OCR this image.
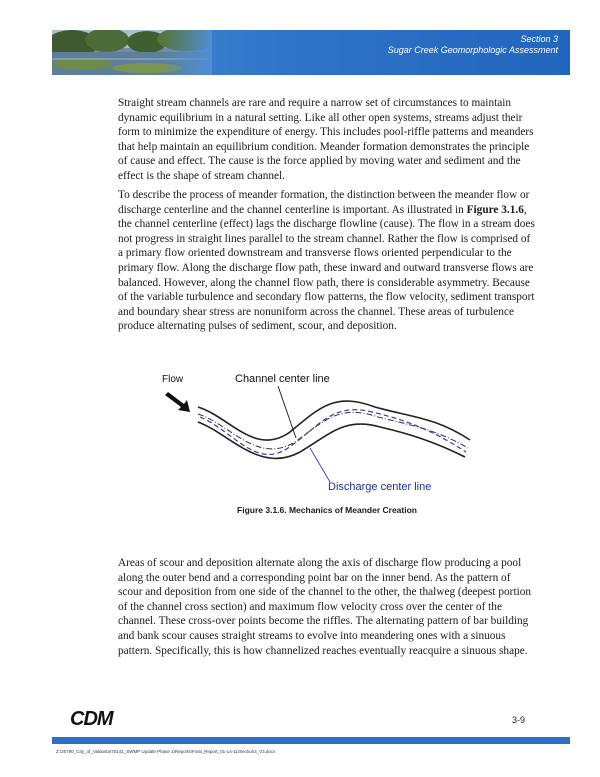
Section 3
Sugar Creek Geomorphologic Assessment

Straight stream channels are rare and require a narrow set of circumstances to maintain dynamic equilibrium in a natural setting. Like all other open systems, streams adjust their form to minimize the expenditure of energy. This includes pool-riffle patterns and meanders that help maintain an equilibrium condition. Meander formation demonstrates the principle of cause and effect. The cause is the force applied by moving water and sediment and the effect is the shape of stream channel.

To describe the process of meander formation, the distinction between the meander flow or discharge centerline and the channel centerline is important. As illustrated in Figure 3.1.6, the channel centerline (effect) lags the discharge flowline (cause). The flow in a stream does not progress in straight lines parallel to the stream channel. Rather the flow is comprised of a primary flow oriented downstream and transverse flows oriented perpendicular to the primary flow. Along the discharge flow path, these inward and outward transverse flows are balanced. However, along the channel flow path, there is considerable asymmetry. Because of the variable turbulence and secondary flow patterns, the flow velocity, sediment transport and boundary shear stress are nonuniform across the channel. These areas of turbulence produce alternating pulses of sediment, scour, and deposition.

Flow	Channel center line
Discharge center line
Figure 3.1.6. Mechanics of Meander Creation

Areas of scour and deposition alternate along the axis of discharge flow producing a pool along the outer bend and a corresponding point bar on the inner bend. As the pattern of scour and deposition from one side of the channel to the other, the thalweg (deepest portion of the channel cross section) and maximum flow velocity cross over the center of the channel. These cross-over points become the riffles. The alternating pattern of bar building and bank scour causes straight streams to evolve into meandering ones with a sinuous pattern. Specifically, this is how channelized reaches eventually reacquire a sinuous shape.

CDM	3-9
Z:\20790_City_of_Valdosta\70141_SWMP Update Phase 1\Reports\Final_Report_01-14-11\Section3_V3.docx
